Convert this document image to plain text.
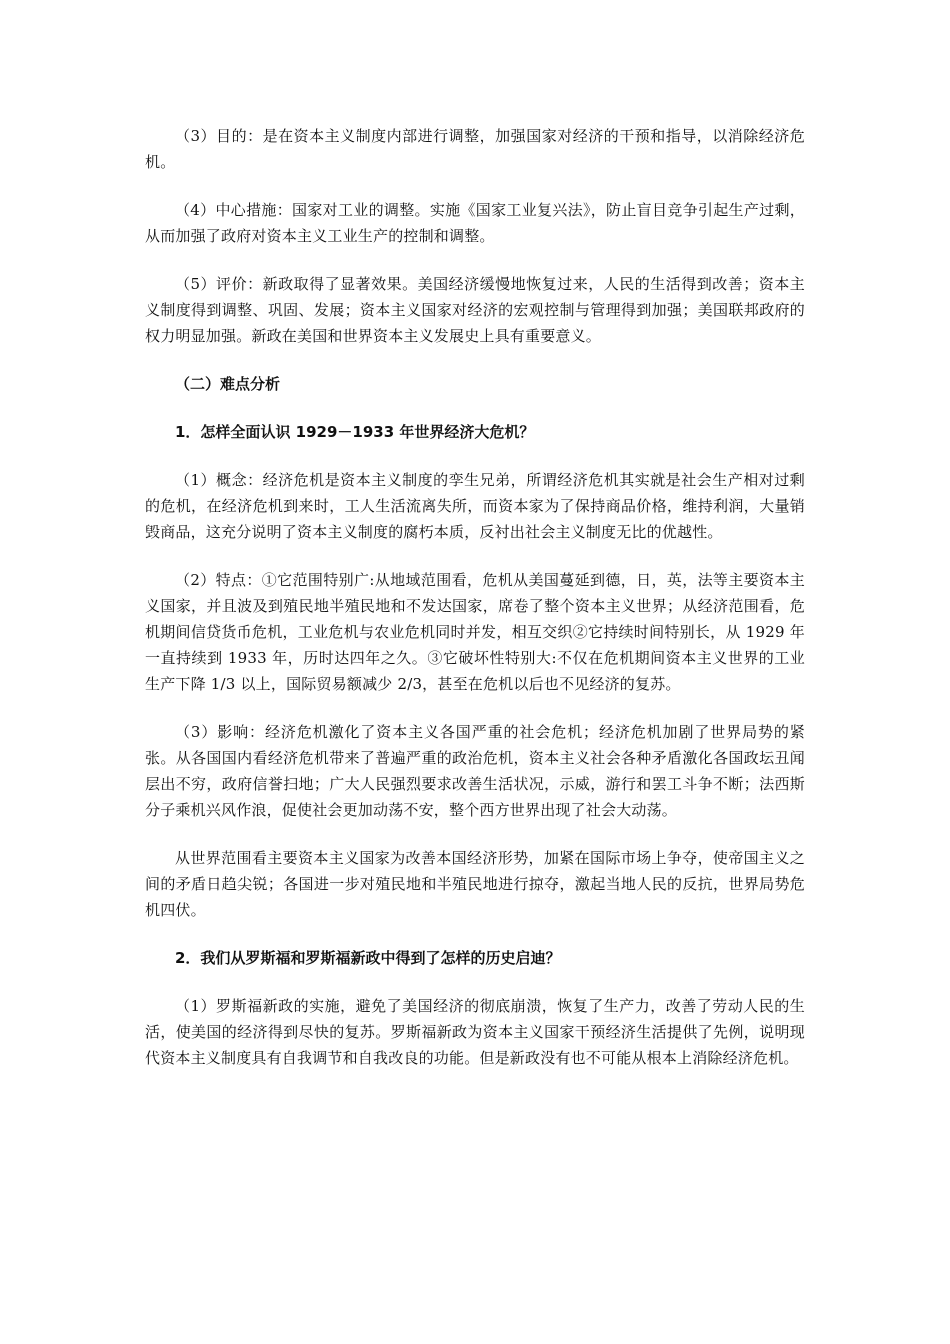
（3）目的：是在资本主义制度内部进行调整，加强国家对经济的干预和指导，以消除经济危机。

（4）中心措施：国家对工业的调整。实施《国家工业复兴法》，防止盲目竞争引起生产过剩，从而加强了政府对资本主义工业生产的控制和调整。

（5）评价：新政取得了显著效果。美国经济缓慢地恢复过来，人民的生活得到改善；资本主义制度得到调整、巩固、发展；资本主义国家对经济的宏观控制与管理得到加强；美国联邦政府的权力明显加强。新政在美国和世界资本主义发展史上具有重要意义。

（二）难点分析

1．怎样全面认识 1929－1933 年世界经济大危机？

（1）概念：经济危机是资本主义制度的孪生兄弟，所谓经济危机其实就是社会生产相对过剩的危机，在经济危机到来时，工人生活流离失所，而资本家为了保持商品价格，维持利润，大量销毁商品，这充分说明了资本主义制度的腐朽本质，反衬出社会主义制度无比的优越性。

（2）特点：①它范围特别广:从地域范围看，危机从美国蔓延到德，日，英，法等主要资本主义国家，并且波及到殖民地半殖民地和不发达国家，席卷了整个资本主义世界；从经济范围看，危机期间信贷货币危机，工业危机与农业危机同时并发，相互交织②它持续时间特别长，从 1929 年一直持续到 1933 年，历时达四年之久。③它破坏性特别大:不仅在危机期间资本主义世界的工业生产下降 1/3 以上，国际贸易额减少 2/3，甚至在危机以后也不见经济的复苏。

（3）影响：经济危机激化了资本主义各国严重的社会危机；经济危机加剧了世界局势的紧张。从各国国内看经济危机带来了普遍严重的政治危机，资本主义社会各种矛盾激化各国政坛丑闻层出不穷，政府信誉扫地；广大人民强烈要求改善生活状况，示威，游行和罢工斗争不断；法西斯分子乘机兴风作浪，促使社会更加动荡不安，整个西方世界出现了社会大动荡。

从世界范围看主要资本主义国家为改善本国经济形势，加紧在国际市场上争夺，使帝国主义之间的矛盾日趋尖锐；各国进一步对殖民地和半殖民地进行掠夺，激起当地人民的反抗，世界局势危机四伏。

2．我们从罗斯福和罗斯福新政中得到了怎样的历史启迪？

（1）罗斯福新政的实施，避免了美国经济的彻底崩溃，恢复了生产力，改善了劳动人民的生活，使美国的经济得到尽快的复苏。罗斯福新政为资本主义国家干预经济生活提供了先例，说明现代资本主义制度具有自我调节和自我改良的功能。但是新政没有也不可能从根本上消除经济危机。
